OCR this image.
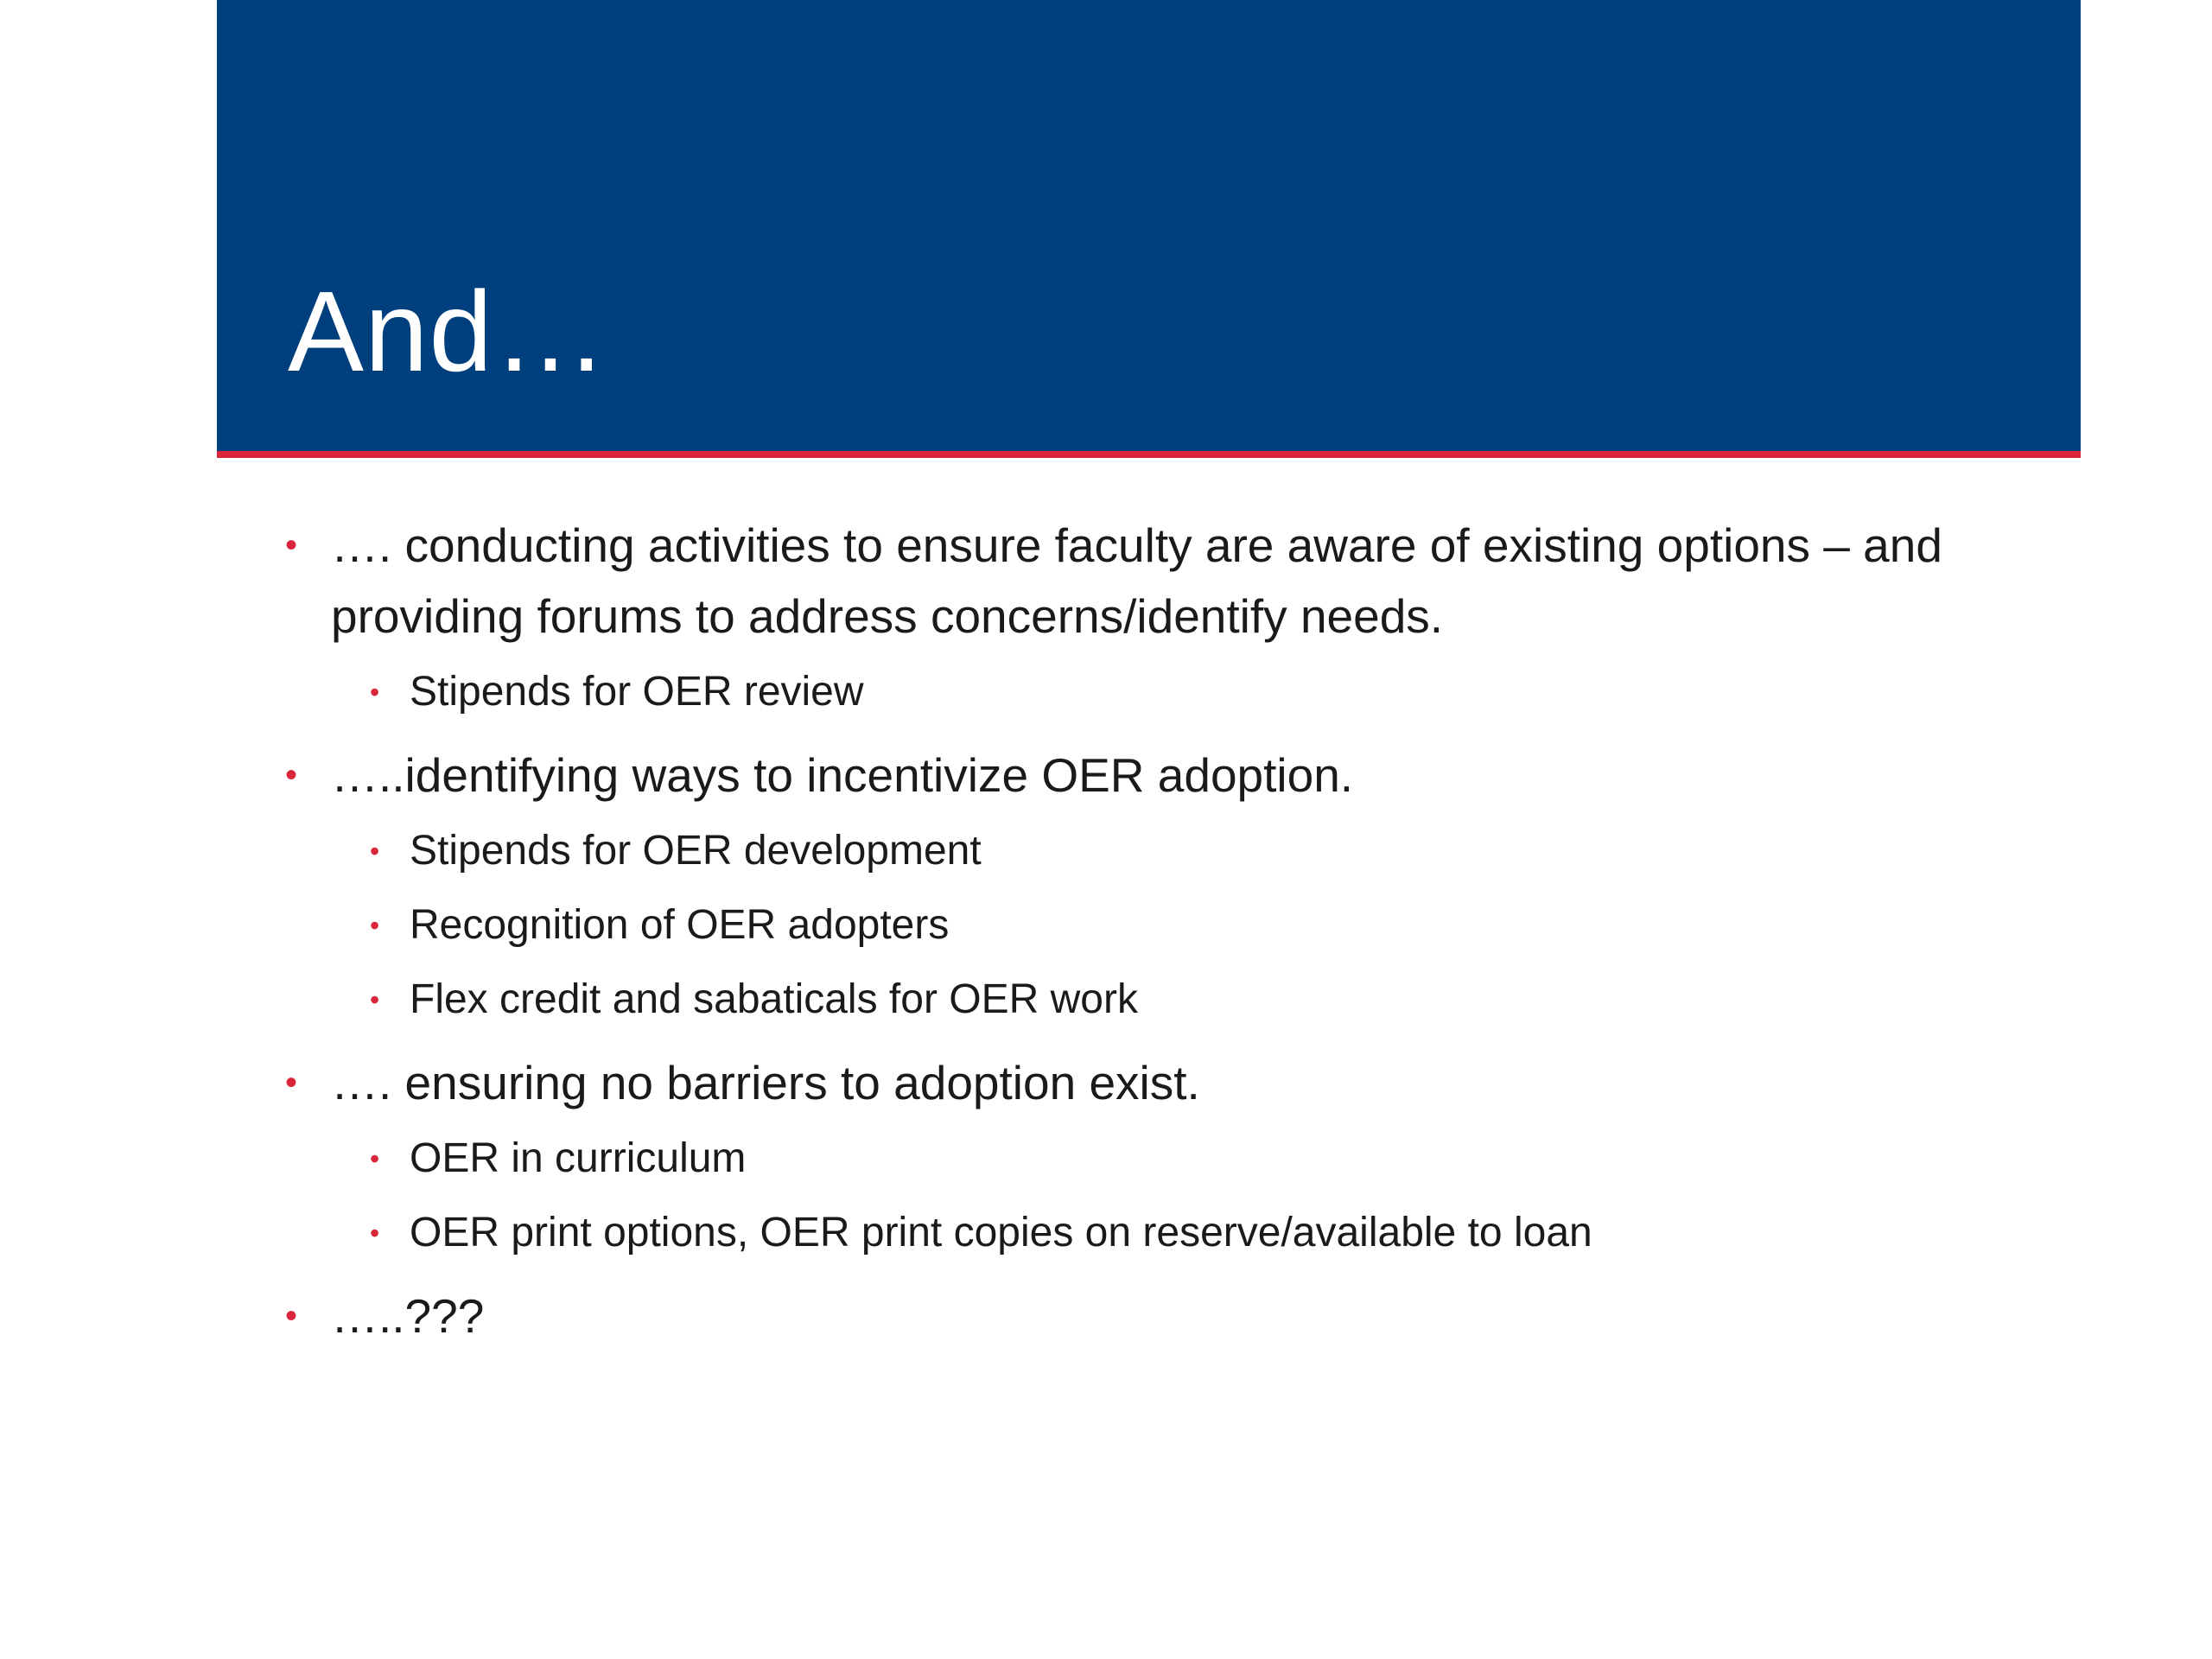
And…
• …. conducting activities to ensure faculty are aware of existing options – and providing forums to address concerns/identify needs.
• Stipends for OER review
• …..identifying ways to incentivize OER adoption.
• Stipends for OER development
• Recognition of OER adopters
• Flex credit and sabaticals for OER work
• …. ensuring no barriers to adoption exist.
• OER in curriculum
• OER print options, OER print copies on reserve/available to loan
• …..???
